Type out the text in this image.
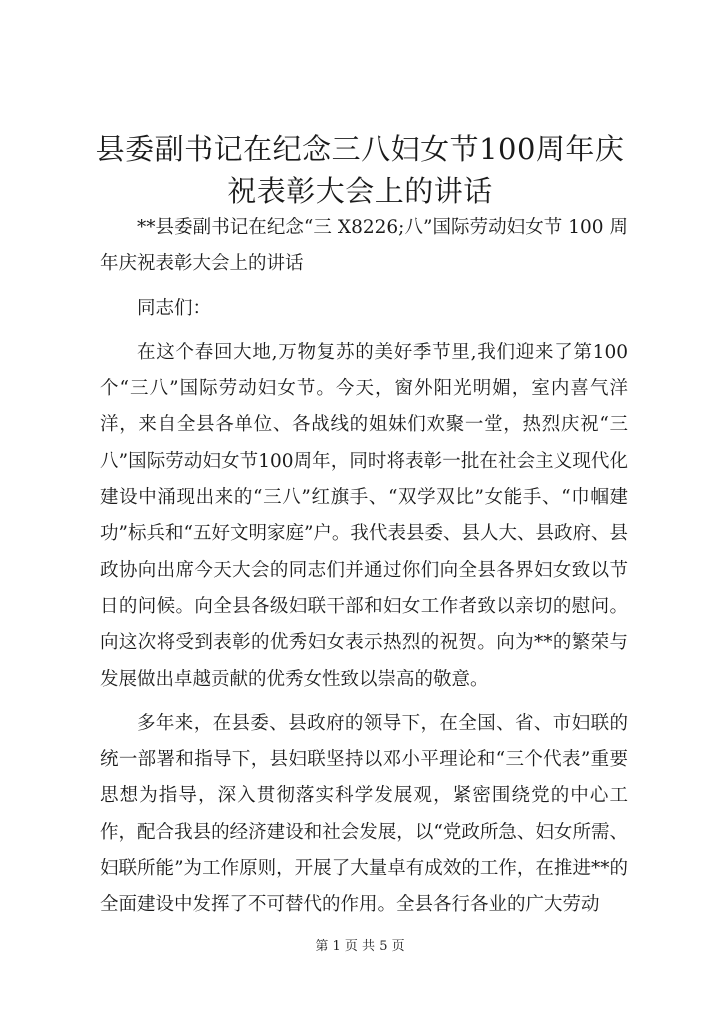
县委副书记在纪念三八妇女节100周年庆祝表彰大会上的讲话

**县委副书记在纪念“三 X8226;八”国际劳动妇女节 100 周年庆祝表彰大会上的讲话

同志们：

在这个春回大地,万物复苏的美好季节里,我们迎来了第100个“三八”国际劳动妇女节。今天，窗外阳光明媚，室内喜气洋洋，来自全县各单位、各战线的姐妹们欢聚一堂，热烈庆祝“三八”国际劳动妇女节100周年，同时将表彰一批在社会主义现代化建设中涌现出来的“三八”红旗手、“双学双比”女能手、“巾帼建功”标兵和“五好文明家庭”户。我代表县委、县人大、县政府、县政协向出席今天大会的同志们并通过你们向全县各界妇女致以节日的问候。向全县各级妇联干部和妇女工作者致以亲切的慰问。向这次将受到表彰的优秀妇女表示热烈的祝贺。向为**的繁荣与发展做出卓越贡献的优秀女性致以崇高的敬意。

多年来，在县委、县政府的领导下，在全国、省、市妇联的统一部署和指导下，县妇联坚持以邓小平理论和“三个代表”重要思想为指导，深入贯彻落实科学发展观，紧密围绕党的中心工作，配合我县的经济建设和社会发展，以“党政所急、妇女所需、妇联所能”为工作原则，开展了大量卓有成效的工作，在推进**的全面建设中发挥了不可替代的作用。全县各行各业的广大劳动

第 1 页 共 5 页
